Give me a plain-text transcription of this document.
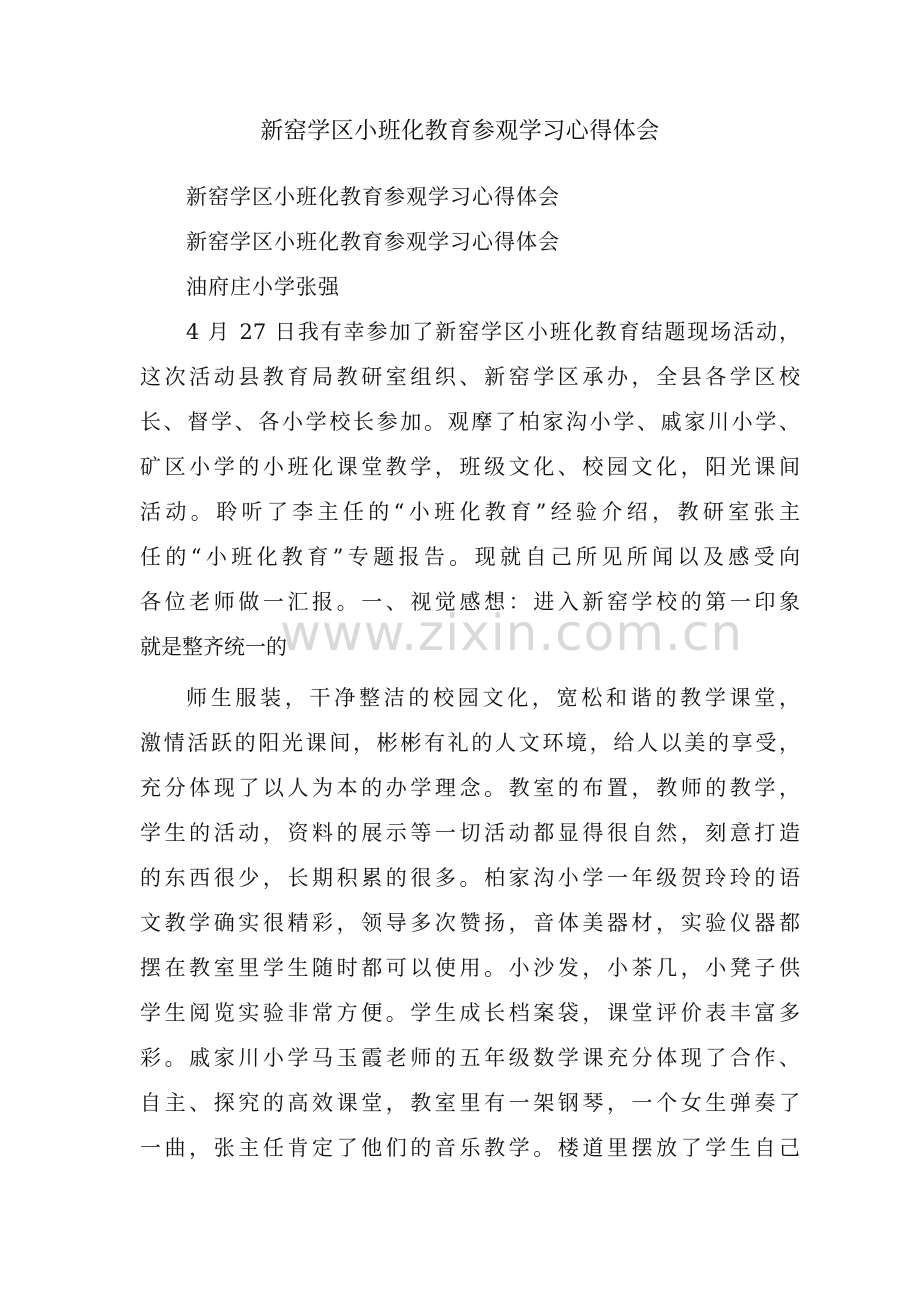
新窑学区小班化教育参观学习心得体会
新窑学区小班化教育参观学习心得体会
新窑学区小班化教育参观学习心得体会
油府庄小学张强
4 月 27 日我有幸参加了新窑学区小班化教育结题现场活动，
这次活动县教育局教研室组织、新窑学区承办，全县各学区校
长、督学、各小学校长参加。观摩了柏家沟小学、戚家川小学、
矿区小学的小班化课堂教学，班级文化、校园文化，阳光课间
活动。聆听了李主任的“小班化教育”经验介绍，教研室张主
任的“小班化教育”专题报告。现就自己所见所闻以及感受向
各位老师做一汇报。一、视觉感想：进入新窑学校的第一印象
就是整齐统一的
师生服装，干净整洁的校园文化，宽松和谐的教学课堂，
激情活跃的阳光课间，彬彬有礼的人文环境，给人以美的享受，
充分体现了以人为本的办学理念。教室的布置，教师的教学，
学生的活动，资料的展示等一切活动都显得很自然，刻意打造
的东西很少，长期积累的很多。柏家沟小学一年级贺玲玲的语
文教学确实很精彩，领导多次赞扬，音体美器材，实验仪器都
摆在教室里学生随时都可以使用。小沙发，小茶几，小凳子供
学生阅览实验非常方便。学生成长档案袋，课堂评价表丰富多
彩。戚家川小学马玉霞老师的五年级数学课充分体现了合作、
自主、探究的高效课堂，教室里有一架钢琴，一个女生弹奏了
一曲，张主任肯定了他们的音乐教学。楼道里摆放了学生自己
www.zixin.com.cn
